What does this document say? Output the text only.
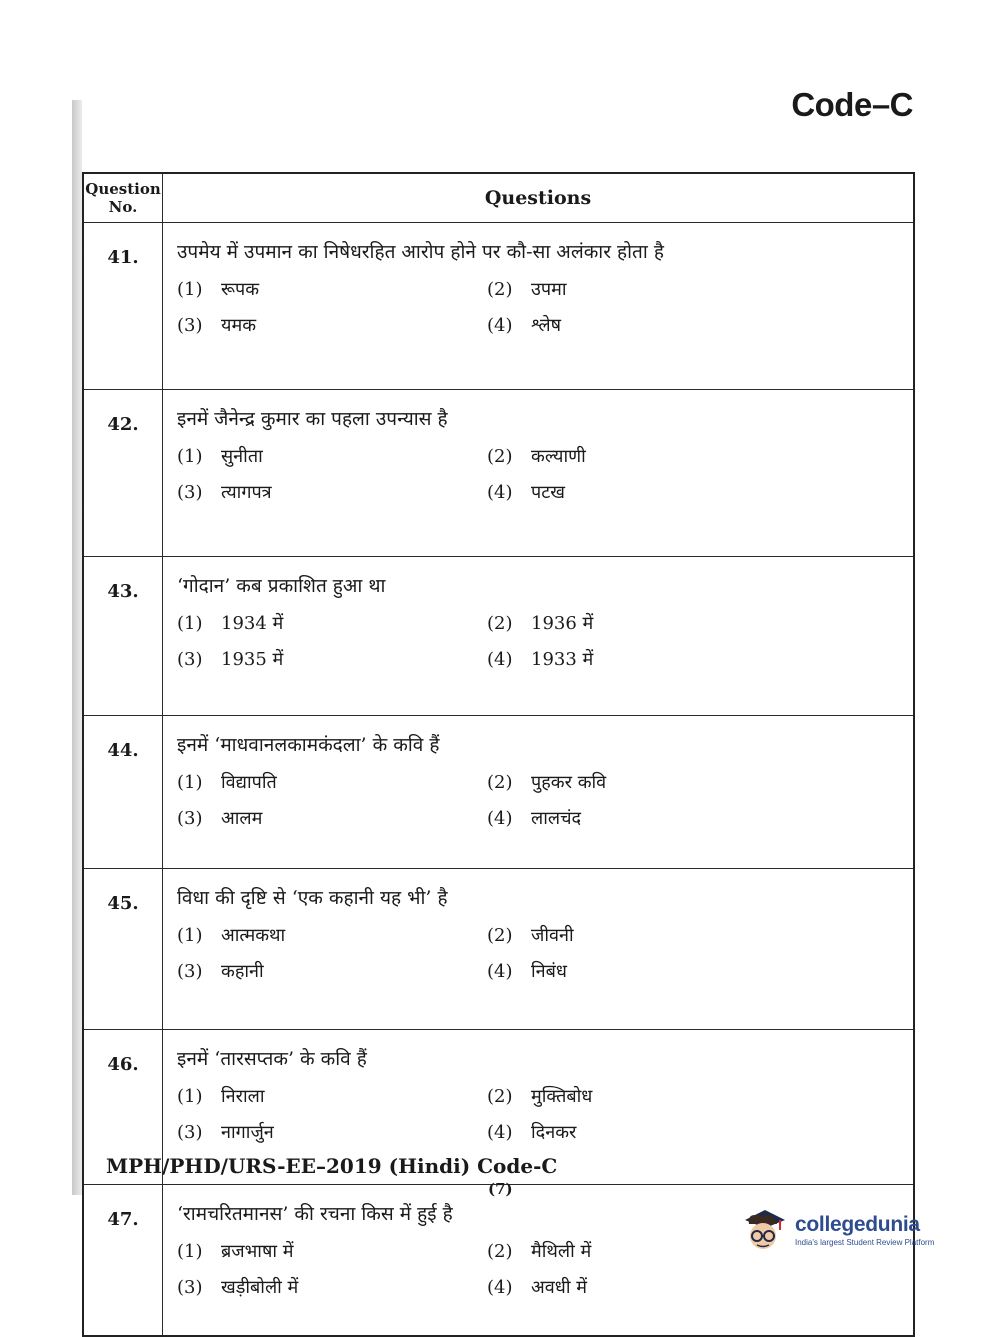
Code–C
Question
No.	Questions
41.	उपमेय में उपमान का निषेधरहित आरोप होने पर कौ-सा अलंकार होता है
(1) रूपक (2) उपमा
(3) यमक (4) श्लेष

42.	इनमें जैनेन्द्र कुमार का पहला उपन्यास है
(1) सुनीता (2) कल्याणी
(3) त्यागपत्र (4) पटख

43.	‘गोदान’ कब प्रकाशित हुआ था
(1) 1934 में (2) 1936 में
(3) 1935 में (4) 1933 में

44.	इनमें ‘माधवानलकामकंदला’ के कवि हैं
(1) विद्यापति (2) पुहकर कवि
(3) आलम (4) लालचंद

45.	विधा की दृष्टि से ‘एक कहानी यह भी’ है
(1) आत्मकथा (2) जीवनी
(3) कहानी (4) निबंध

46.	इनमें ‘तारसप्तक’ के कवि हैं
(1) निराला (2) मुक्तिबोध
(3) नागार्जुन (4) दिनकर

47.	‘रामचरितमानस’ की रचना किस में हुई है
(1) ब्रजभाषा में (2) मैथिली में
(3) खड़ीबोली में (4) अवधी में
MPH/PHD/URS-EE–2019 (Hindi) Code-C
(7)
collegedunia
India's largest Student Review Platform
